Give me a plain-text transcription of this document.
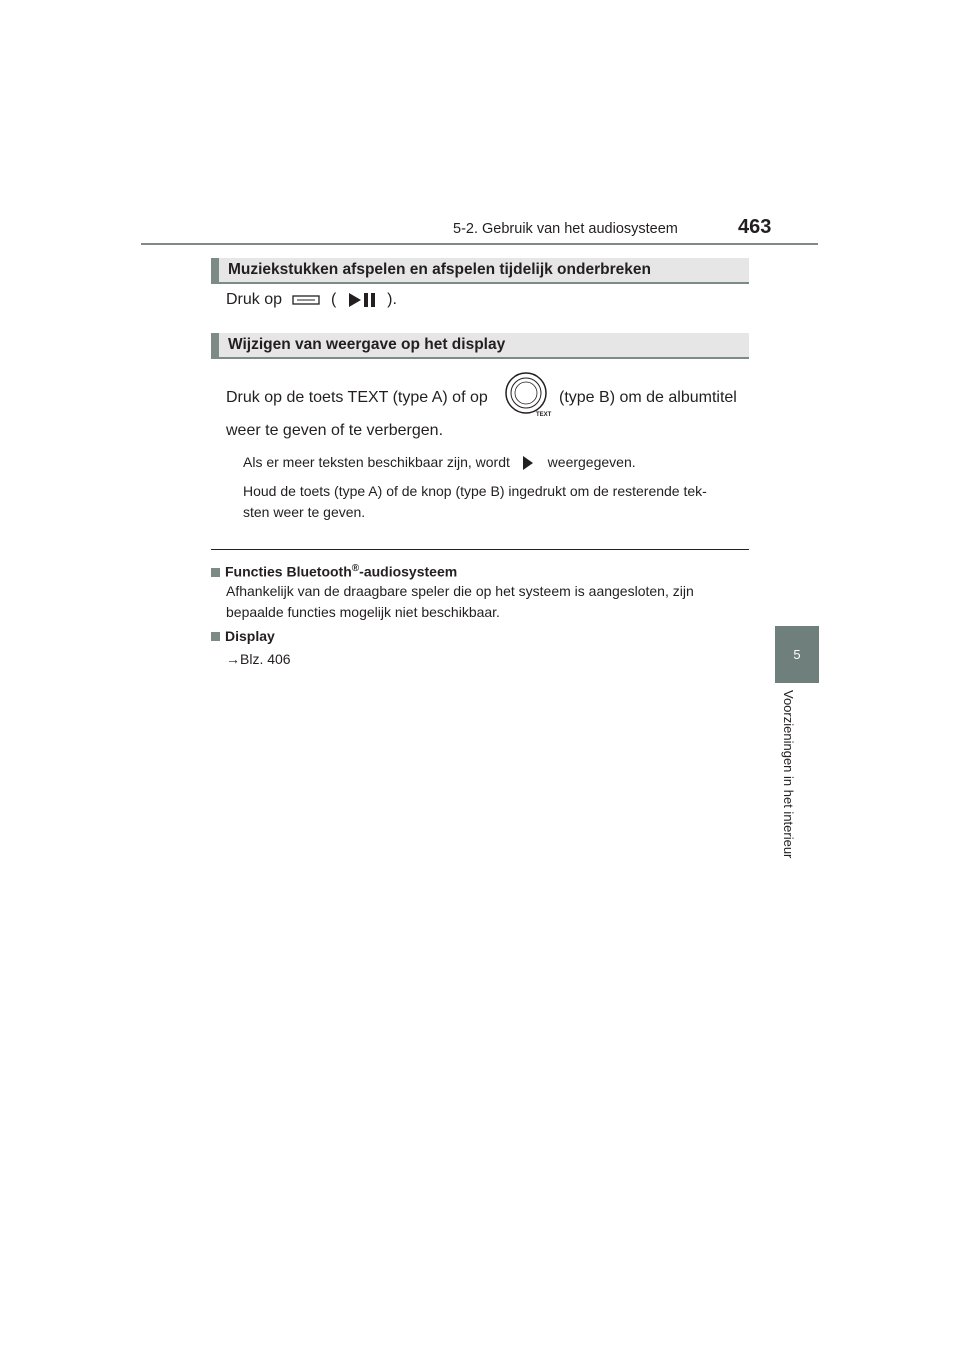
5-2. Gebruik van het audiosysteem	463
5
Voorzieningen in het interieur
Muziekstukken afspelen en afspelen tijdelijk onderbreken
Druk op	(	).
Wijzigen van weergave op het display
Druk op de toets TEXT (type A) of op
TEXT
(type B) om de albumtitel
weer te geven of te verbergen.
Als er meer teksten beschikbaar zijn, wordt	weergegeven.
Houd de toets (type A) of de knop (type B) ingedrukt om de resterende tek-
sten weer te geven.
Functies Bluetooth®-audiosysteem
Afhankelijk van de draagbare speler die op het systeem is aangesloten, zijn
bepaalde functies mogelijk niet beschikbaar.
Display
→Blz. 406
